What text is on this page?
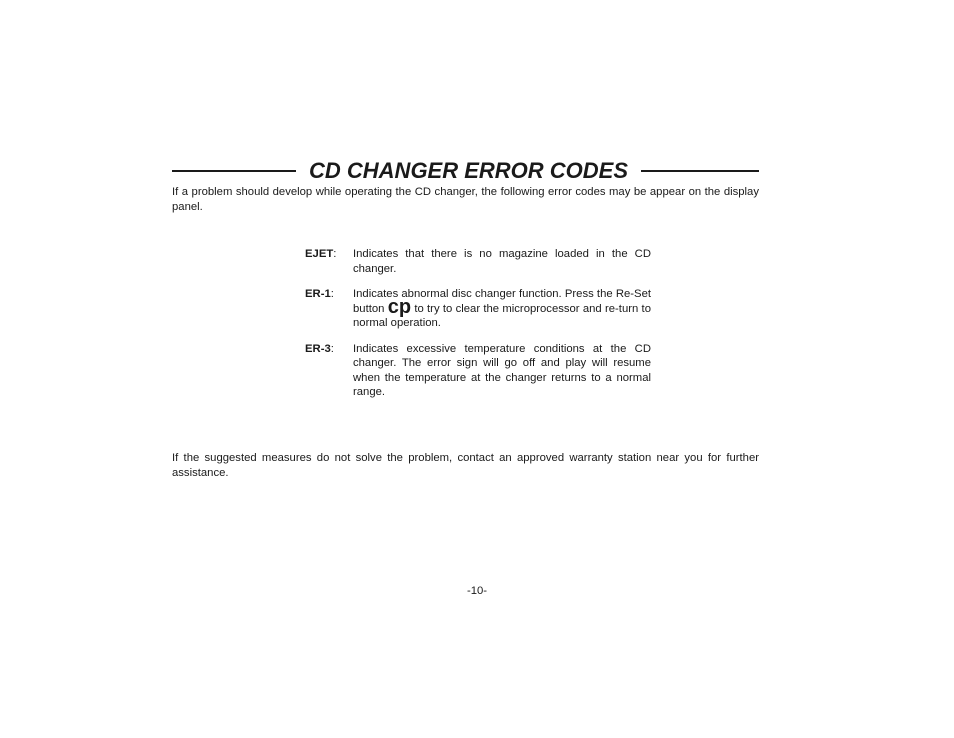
CD CHANGER ERROR CODES

If a problem should develop while operating the CD changer, the following error codes may be appear on the display panel.

EJET:	Indicates that there is no magazine loaded in the CD changer.

ER-1:	Indicates abnormal disc changer function. Press the Re-Set button cp to try to clear the microprocessor and re-turn to normal operation.

ER-3:	Indicates excessive temperature conditions at the CD changer. The error sign will go off and play will resume when the temperature at the changer returns to a normal range.

If the suggested measures do not solve the problem, contact an approved warranty station near you for further assistance.

-10-
